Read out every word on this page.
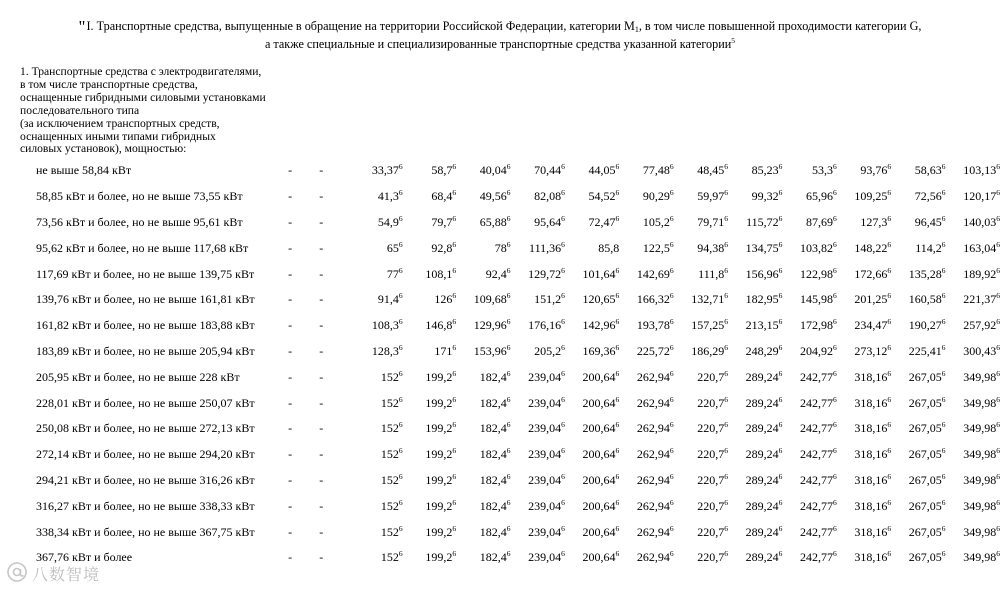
"I. Транспортные средства, выпущенные в обращение на территории Российской Федерации, категории $М_1$, в том числе повышенной проходимости категории G,
а также специальные и специализированные транспортные средства указанной категории$^5$
1. Транспортные средства с электродвигателями,
в том числе транспортные средства,
оснащенные гибридными силовыми установками
последовательного типа
(за исключением транспортных средств,
оснащенных иными типами гибридных
силовых установок), мощностью:
не выше 58,84 кВт	-	-	33,37$^6$	58,7$^6$	40,04$^6$	70,44$^6$	44,05$^6$	77,48$^6$	48,45$^6$	85,23$^6$	53,3$^6$	93,76$^6$	58,63$^6$	103,13$^6$
58,85 кВт и более, но не выше 73,55 кВт	-	-	41,3$^6$	68,4$^6$	49,56$^6$	82,08$^6$	54,52$^6$	90,29$^6$	59,97$^6$	99,32$^6$	65,96$^6$	109,25$^6$	72,56$^6$	120,17$^6$
73,56 кВт и более, но не выше 95,61 кВт	-	-	54,9$^6$	79,7$^6$	65,88$^6$	95,64$^6$	72,47$^6$	105,2$^6$	79,71$^6$	115,72$^6$	87,69$^6$	127,3$^6$	96,45$^6$	140,03$^6$
95,62 кВт и более, но не выше 117,68 кВт	-	-	$65^6$	92,8$^6$	$78^6$	111,36$^6$	85,8	122,5$^6$	94,38$^6$	134,75$^6$	103,82$^6$	148,22$^6$	114,2$^6$	163,04$^6$
117,69 кВт и более, но не выше 139,75 кВт	-	-	$77^6$	108,1$^6$	92,4$^6$	129,72$^6$	101,64$^6$	142,69$^6$	111,8$^6$	156,96$^6$	122,98$^6$	172,66$^6$	135,28$^6$	189,92$^6$
139,76 кВт и более, но не выше 161,81 кВт	-	-	91,4$^6$	$126^6$	109,68$^6$	151,2$^6$	120,65$^6$	166,32$^6$	132,71$^6$	182,95$^6$	145,98$^6$	201,25$^6$	160,58$^6$	221,37$^6$
161,82 кВт и более, но не выше 183,88 кВт	-	-	108,3$^6$	146,8$^6$	129,96$^6$	176,16$^6$	142,96$^6$	193,78$^6$	157,25$^6$	213,15$^6$	172,98$^6$	234,47$^6$	190,27$^6$	257,92$^6$
183,89 кВт и более, но не выше 205,94 кВт	-	-	128,3$^6$	$171^6$	153,96$^6$	205,2$^6$	169,36$^6$	225,72$^6$	186,29$^6$	248,29$^6$	204,92$^6$	273,12$^6$	225,41$^6$	300,43$^6$
205,95 кВт и более, но не выше 228 кВт	-	-	$152^6$	199,2$^6$	182,4$^6$	239,04$^6$	200,64$^6$	262,94$^6$	220,7$^6$	289,24$^6$	242,77$^6$	318,16$^6$	267,05$^6$	349,98$^6$
228,01 кВт и более, но не выше 250,07 кВт	-	-	$152^6$	199,2$^6$	182,4$^6$	239,04$^6$	200,64$^6$	262,94$^6$	220,7$^6$	289,24$^6$	242,77$^6$	318,16$^6$	267,05$^6$	349,98$^6$
250,08 кВт и более, но не выше 272,13 кВт	-	-	$152^6$	199,2$^6$	182,4$^6$	239,04$^6$	200,64$^6$	262,94$^6$	220,7$^6$	289,24$^6$	242,77$^6$	318,16$^6$	267,05$^6$	349,98$^6$
272,14 кВт и более, но не выше 294,20 кВт	-	-	$152^6$	199,2$^6$	182,4$^6$	239,04$^6$	200,64$^6$	262,94$^6$	220,7$^6$	289,24$^6$	242,77$^6$	318,16$^6$	267,05$^6$	349,98$^6$
294,21 кВт и более, но не выше 316,26 кВт	-	-	$152^6$	199,2$^6$	182,4$^6$	239,04$^6$	200,64$^6$	262,94$^6$	220,7$^6$	289,24$^6$	242,77$^6$	318,16$^6$	267,05$^6$	349,98$^6$
316,27 кВт и более, но не выше 338,33 кВт	-	-	$152^6$	199,2$^6$	182,4$^6$	239,04$^6$	200,64$^6$	262,94$^6$	220,7$^6$	289,24$^6$	242,77$^6$	318,16$^6$	267,05$^6$	349,98$^6$
338,34 кВт и более, но не выше 367,75 кВт	-	-	$152^6$	199,2$^6$	182,4$^6$	239,04$^6$	200,64$^6$	262,94$^6$	220,7$^6$	289,24$^6$	242,77$^6$	318,16$^6$	267,05$^6$	349,98$^6$
367,76 кВт и более	-	-	$152^6$	199,2$^6$	182,4$^6$	239,04$^6$	200,64$^6$	262,94$^6$	220,7$^6$	289,24$^6$	242,77$^6$	318,16$^6$	267,05$^6$	349,98$^6$
八数智境
